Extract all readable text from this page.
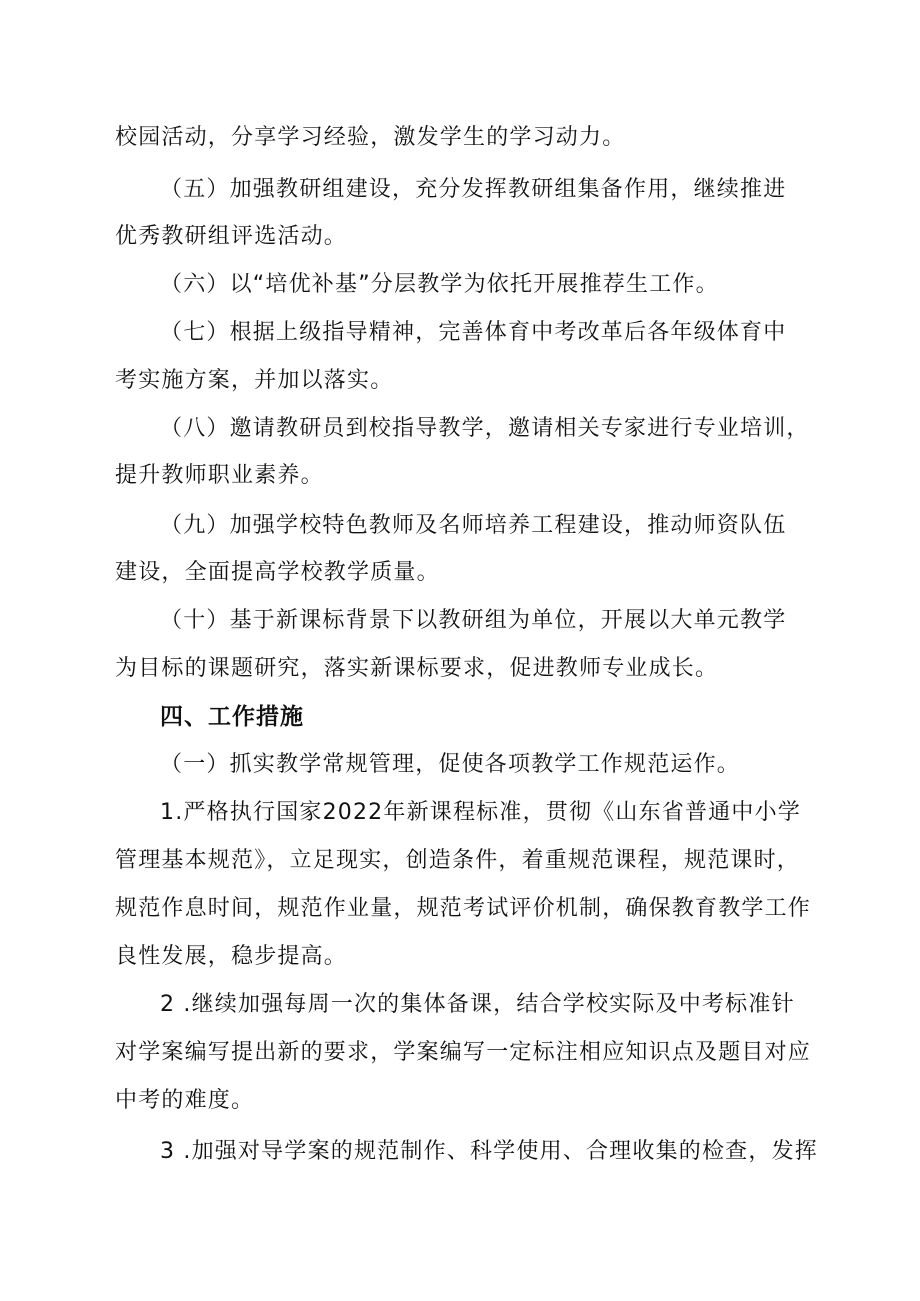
校园活动，分享学习经验，激发学生的学习动力。
（五）加强教研组建设，充分发挥教研组集备作用，继续推进
优秀教研组评选活动。
（六）以“培优补基”分层教学为依托开展推荐生工作。
（七）根据上级指导精神，完善体育中考改革后各年级体育中
考实施方案，并加以落实。
（八）邀请教研员到校指导教学，邀请相关专家进行专业培训，
提升教师职业素养。
（九）加强学校特色教师及名师培养工程建设，推动师资队伍
建设，全面提高学校教学质量。
（十）基于新课标背景下以教研组为单位，开展以大单元教学
为目标的课题研究，落实新课标要求，促进教师专业成长。
四、工作措施
（一）抓实教学常规管理，促使各项教学工作规范运作。
1.严格执行国家2022年新课程标准，贯彻《山东省普通中小学
管理基本规范》，立足现实，创造条件，着重规范课程，规范课时，
规范作息时间，规范作业量，规范考试评价机制，确保教育教学工作
良性发展，稳步提高。
2 .继续加强每周一次的集体备课，结合学校实际及中考标准针
对学案编写提出新的要求，学案编写一定标注相应知识点及题目对应
中考的难度。
3 .加强对导学案的规范制作、科学使用、合理收集的检查，发挥
